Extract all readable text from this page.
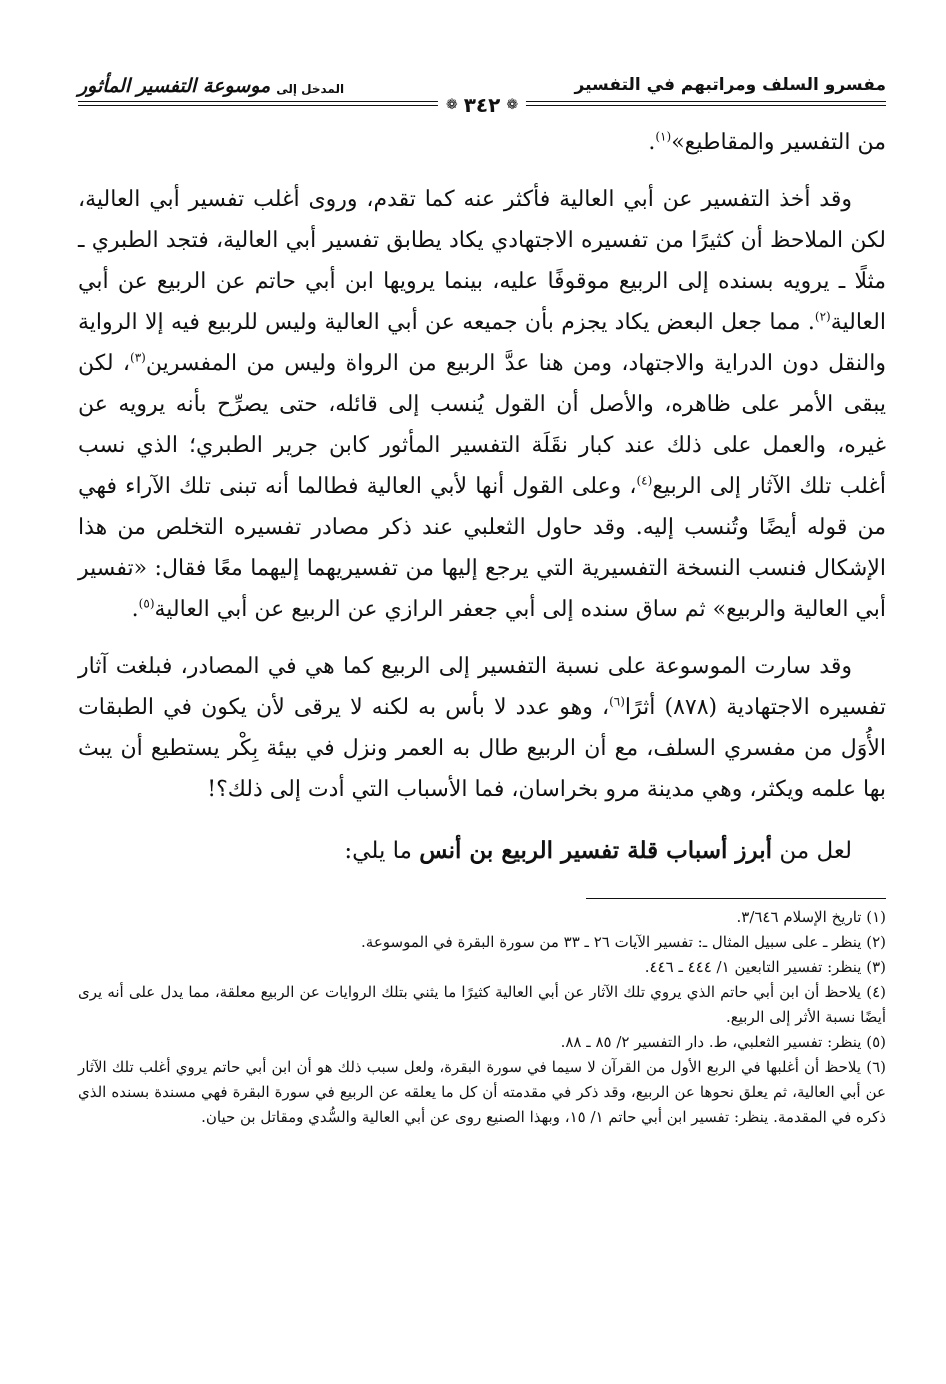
مفسرو السلف ومراتبهم في التفسير
المدخل إلى
موسوعة التفسير المأثور
❁
٣٤٢
❁

من التفسير والمقاطيع»$^{(١)}$.

وقد أخذ التفسير عن أبي العالية فأكثر عنه كما تقدم، وروى أغلب تفسير أبي العالية، لكن الملاحظ أن كثيرًا من تفسيره الاجتهادي يكاد يطابق تفسير أبي العالية، فتجد الطبري ـ مثلًا ـ يرويه بسنده إلى الربيع موقوفًا عليه، بينما يرويها ابن أبي حاتم عن الربيع عن أبي العالية$^{(٢)}$. مما جعل البعض يكاد يجزم بأن جميعه عن أبي العالية وليس للربيع فيه إلا الرواية والنقل دون الدراية والاجتهاد، ومن هنا عدَّ الربيع من الرواة وليس من المفسرين$^{(٣)}$، لكن يبقى الأمر على ظاهره، والأصل أن القول يُنسب إلى قائله، حتى يصرِّح بأنه يرويه عن غيره، والعمل على ذلك عند كبار نقَلَة التفسير المأثور كابن جرير الطبري؛ الذي نسب أغلب تلك الآثار إلى الربيع$^{(٤)}$، وعلى القول أنها لأبي العالية فطالما أنه تبنى تلك الآراء فهي من قوله أيضًا وتُنسب إليه. وقد حاول الثعلبي عند ذكر مصادر تفسيره التخلص من هذا الإشكال فنسب النسخة التفسيرية التي يرجع إليها من تفسيريهما إليهما معًا فقال: «تفسير أبي العالية والربيع» ثم ساق سنده إلى أبي جعفر الرازي عن الربيع عن أبي العالية$^{(٥)}$.

وقد سارت الموسوعة على نسبة التفسير إلى الربيع كما هي في المصادر، فبلغت آثار تفسيره الاجتهادية (٨٧٨) أثرًا$^{(٦)}$، وهو عدد لا بأس به لكنه لا يرقى لأن يكون في الطبقات الأُوَل من مفسري السلف، مع أن الربيع طال به العمر ونزل في بيئة بِكْر يستطيع أن يبث بها علمه ويكثر، وهي مدينة مرو بخراسان، فما الأسباب التي أدت إلى ذلك؟!

لعل من أبرز أسباب قلة تفسير الربيع بن أنس ما يلي:

(١) تاريخ الإسلام ٣/٦٤٦.

(٢) ينظر ـ على سبيل المثال ـ: تفسير الآيات ٢٦ ـ ٣٣ من سورة البقرة في الموسوعة.

(٣) ينظر: تفسير التابعين ١/ ٤٤٤ ـ ٤٤٦.

(٤) يلاحظ أن ابن أبي حاتم الذي يروي تلك الآثار عن أبي العالية كثيرًا ما يثني بتلك الروايات عن الربيع معلقة، مما يدل على أنه يرى أيضًا نسبة الأثر إلى الربيع.

(٥) ينظر: تفسير الثعلبي، ط. دار التفسير ٢/ ٨٥ ـ ٨٨.

(٦) يلاحظ أن أغلبها في الربع الأول من القرآن لا سيما في سورة البقرة، ولعل سبب ذلك هو أن ابن أبي حاتم يروي أغلب تلك الآثار عن أبي العالية، ثم يعلق نحوها عن الربيع، وقد ذكر في مقدمته أن كل ما يعلقه عن الربيع في سورة البقرة فهي مسندة بسنده الذي ذكره في المقدمة. ينظر: تفسير ابن أبي حاتم ١/ ١٥، وبهذا الصنيع روى عن أبي العالية والسُّدي ومقاتل بن حيان.
